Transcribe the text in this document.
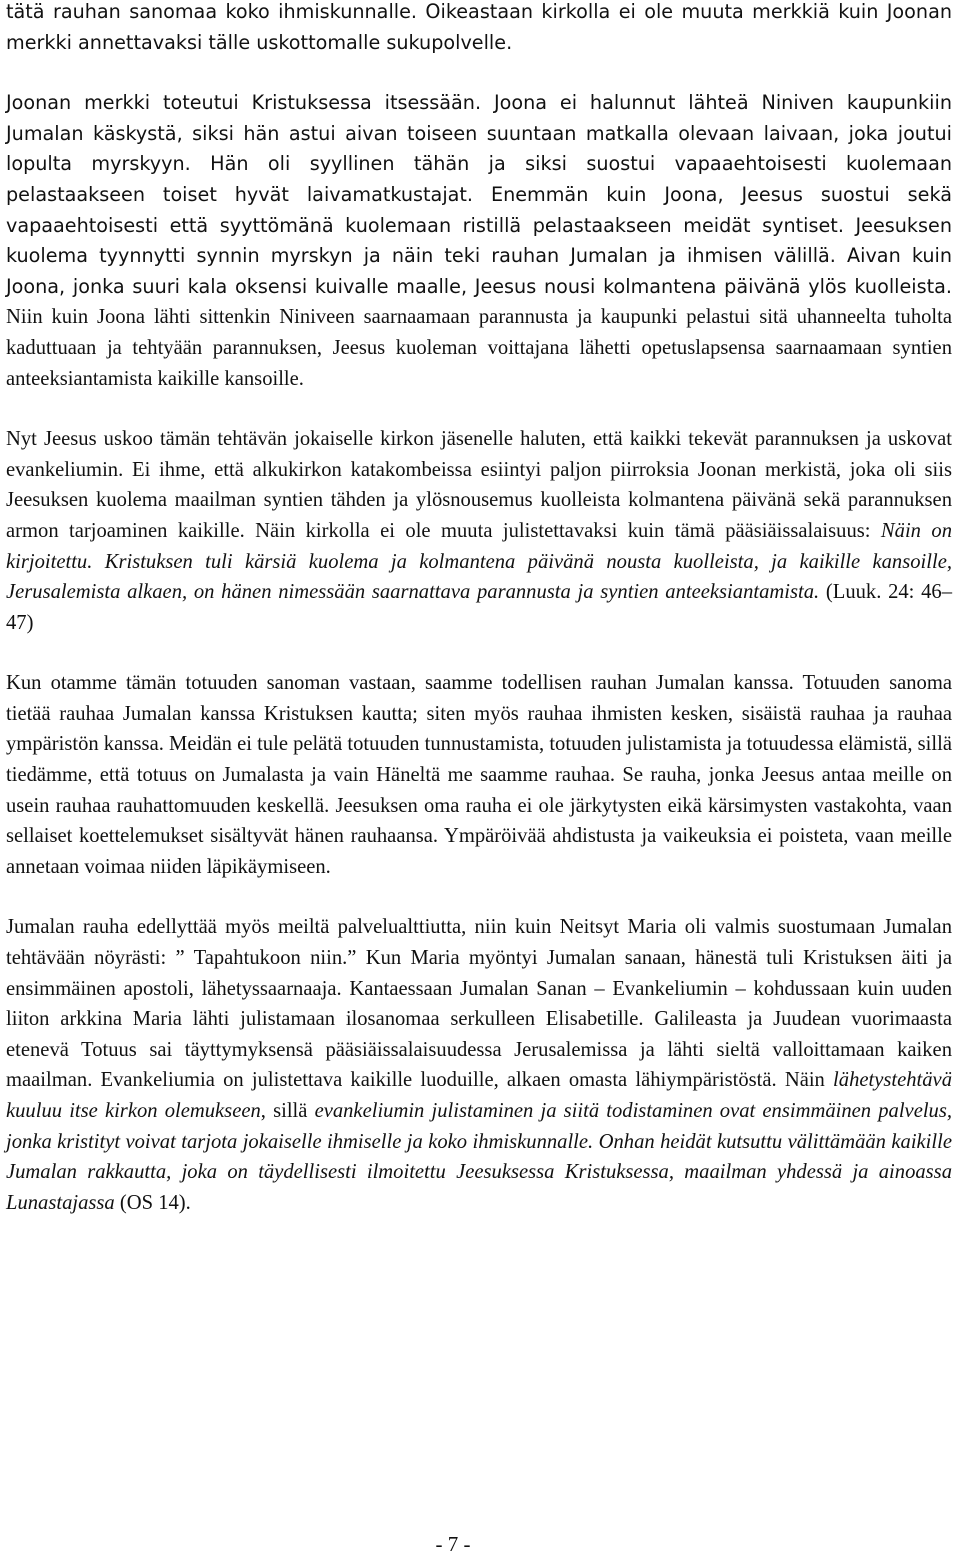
tätä rauhan sanomaa koko ihmiskunnalle. Oikeastaan kirkolla ei ole muuta merkkiä kuin Joonan merkki annettavaksi tälle uskottomalle sukupolvelle.

Joonan merkki toteutui Kristuksessa itsessään. Joona ei halunnut lähteä Niniven kaupunkiin Jumalan käskystä, siksi hän astui aivan toiseen suuntaan matkalla olevaan laivaan, joka joutui lopulta myrskyyn. Hän oli syyllinen tähän ja siksi suostui vapaaehtoisesti kuolemaan pelastaakseen toiset hyvät laivamatkustajat. Enemmän kuin Joona, Jeesus suostui sekä vapaaehtoisesti että syyttömänä kuolemaan ristillä pelastaakseen meidät syntiset. Jeesuksen kuolema tyynnytti synnin myrskyn ja näin teki rauhan Jumalan ja ihmisen välillä. Aivan kuin Joona, jonka suuri kala oksensi kuivalle maalle, Jeesus nousi kolmantena päivänä ylös kuolleista. Niin kuin Joona lähti sittenkin Niniveen saarnaamaan parannusta ja kaupunki pelastui sitä uhanneelta tuholta kaduttuaan ja tehtyään parannuksen, Jeesus kuoleman voittajana lähetti opetuslapsensa saarnaamaan syntien anteeksiantamista kaikille kansoille.

Nyt Jeesus uskoo tämän tehtävän jokaiselle kirkon jäsenelle haluten, että kaikki tekevät parannuksen ja uskovat evankeliumin. Ei ihme, että alkukirkon katakombeissa esiintyi paljon piirroksia Joonan merkistä, joka oli siis Jeesuksen kuolema maailman syntien tähden ja ylösnousemus kuolleista kolmantena päivänä sekä parannuksen armon tarjoaminen kaikille. Näin kirkolla ei ole muuta julistettavaksi kuin tämä pääsiäissalaisuus: Näin on kirjoitettu. Kristuksen tuli kärsiä kuolema ja kolmantena päivänä nousta kuolleista, ja kaikille kansoille, Jerusalemista alkaen, on hänen nimessään saarnattava parannusta ja syntien anteeksiantamista. (Luuk. 24: 46–47)

Kun otamme tämän totuuden sanoman vastaan, saamme todellisen rauhan Jumalan kanssa. Totuuden sanoma tietää rauhaa Jumalan kanssa Kristuksen kautta; siten myös rauhaa ihmisten kesken, sisäistä rauhaa ja rauhaa ympäristön kanssa. Meidän ei tule pelätä totuuden tunnustamista, totuuden julistamista ja totuudessa elämistä, sillä tiedämme, että totuus on Jumalasta ja vain Häneltä me saamme rauhaa. Se rauha, jonka Jeesus antaa meille on usein rauhaa rauhattomuuden keskellä. Jeesuksen oma rauha ei ole järkytysten eikä kärsimysten vastakohta, vaan sellaiset koettelemukset sisältyvät hänen rauhaansa. Ympäröivää ahdistusta ja vaikeuksia ei poisteta, vaan meille annetaan voimaa niiden läpikäymiseen.

Jumalan rauha edellyttää myös meiltä palvelualttiutta, niin kuin Neitsyt Maria oli valmis suostumaan Jumalan tehtävään nöyrästi: ” Tapahtukoon niin.” Kun Maria myöntyi Jumalan sanaan, hänestä tuli Kristuksen äiti ja ensimmäinen apostoli, lähetyssaarnaaja. Kantaessaan Jumalan Sanan – Evankeliumin – kohdussaan kuin uuden liiton arkkina Maria lähti julistamaan ilosanomaa serkulleen Elisabetille. Galileasta ja Juudean vuorimaasta etenevä Totuus sai täyttymyksensä pääsiäissalaisuudessa Jerusalemissa ja lähti sieltä valloittamaan kaiken maailman. Evankeliumia on julistettava kaikille luoduille, alkaen omasta lähiympäristöstä. Näin lähetystehtävä kuuluu itse kirkon olemukseen, sillä evankeliumin julistaminen ja siitä todistaminen ovat ensimmäinen palvelus, jonka kristityt voivat tarjota jokaiselle ihmiselle ja koko ihmiskunnalle. Onhan heidät kutsuttu välittämään kaikille Jumalan rakkautta, joka on täydellisesti ilmoitettu Jeesuksessa Kristuksessa, maailman yhdessä ja ainoassa Lunastajassa (OS 14).

- 7 -
